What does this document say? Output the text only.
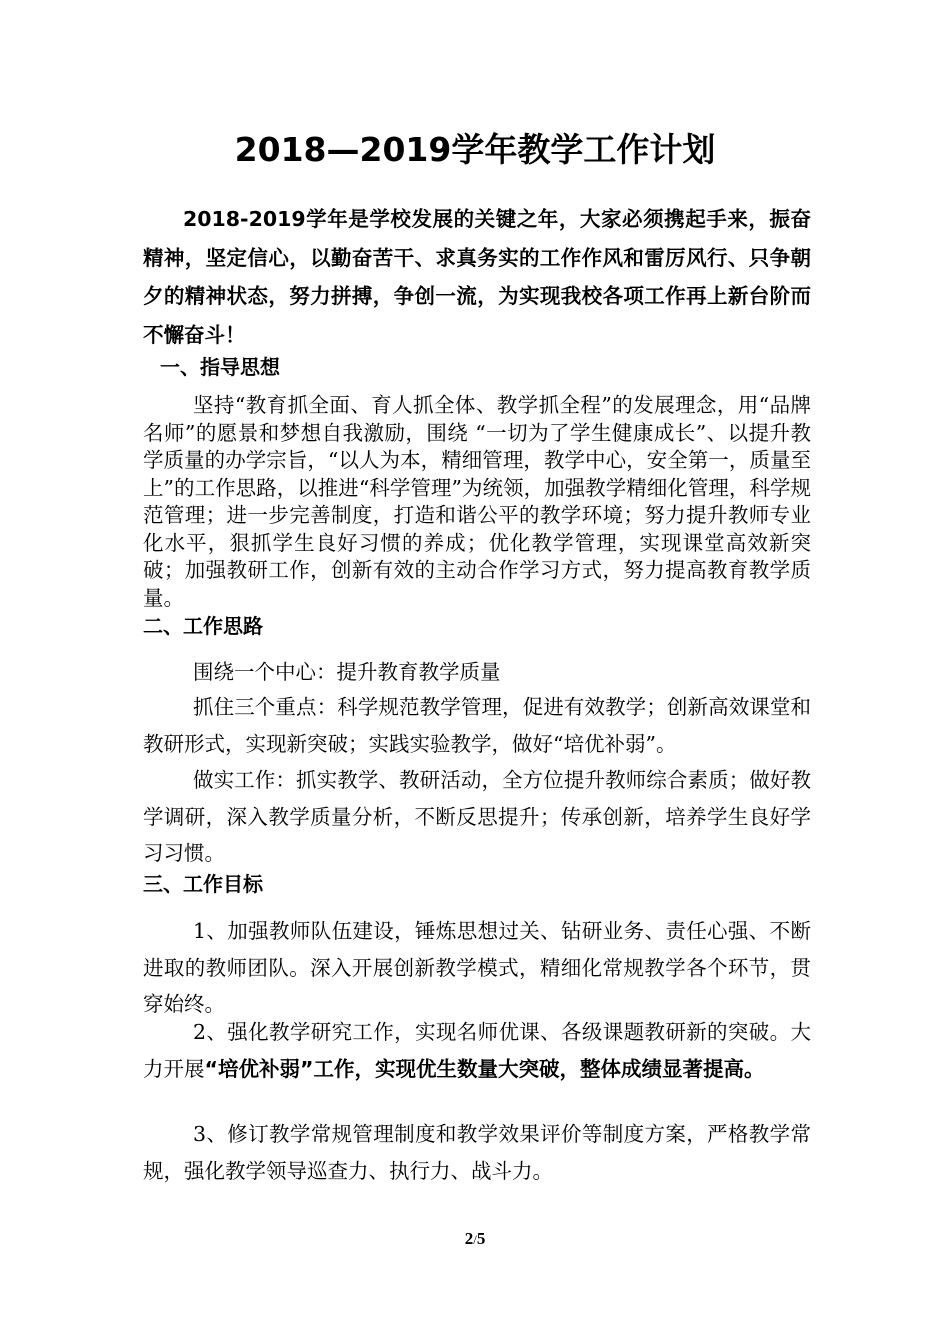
2018—2019学年教学工作计划

2018-2019学年是学校发展的关键之年，大家必须携起手来，振奋精神，坚定信心，以勤奋苦干、求真务实的工作作风和雷厉风行、只争朝夕的精神状态，努力拼搏，争创一流，为实现我校各项工作再上新台阶而不懈奋斗！

一、指导思想

坚持“教育抓全面、育人抓全体、教学抓全程”的发展理念，用“品牌名师”的愿景和梦想自我激励，围绕 “一切为了学生健康成长”、以提升教学质量的办学宗旨，“以人为本，精细管理，教学中心，安全第一，质量至上”的工作思路，以推进“科学管理”为统领，加强教学精细化管理，科学规范管理；进一步完善制度，打造和谐公平的教学环境；努力提升教师专业化水平，狠抓学生良好习惯的养成；优化教学管理，实现课堂高效新突破；加强教研工作，创新有效的主动合作学习方式，努力提高教育教学质量。

二、工作思路

围绕一个中心：提升教育教学质量

抓住三个重点：科学规范教学管理，促进有效教学；创新高效课堂和教研形式，实现新突破；实践实验教学，做好“培优补弱”。

做实工作：抓实教学、教研活动，全方位提升教师综合素质；做好教学调研，深入教学质量分析，不断反思提升；传承创新，培养学生良好学习习惯。

三、工作目标

1、加强教师队伍建设，锤炼思想过关、钻研业务、责任心强、不断进取的教师团队。深入开展创新教学模式，精细化常规教学各个环节，贯穿始终。

2、强化教学研究工作，实现名师优课、各级课题教研新的突破。大力开展“培优补弱”工作，实现优生数量大突破，整体成绩显著提高。

3、修订教学常规管理制度和教学效果评价等制度方案，严格教学常规，强化教学领导巡查力、执行力、战斗力。

2/5
